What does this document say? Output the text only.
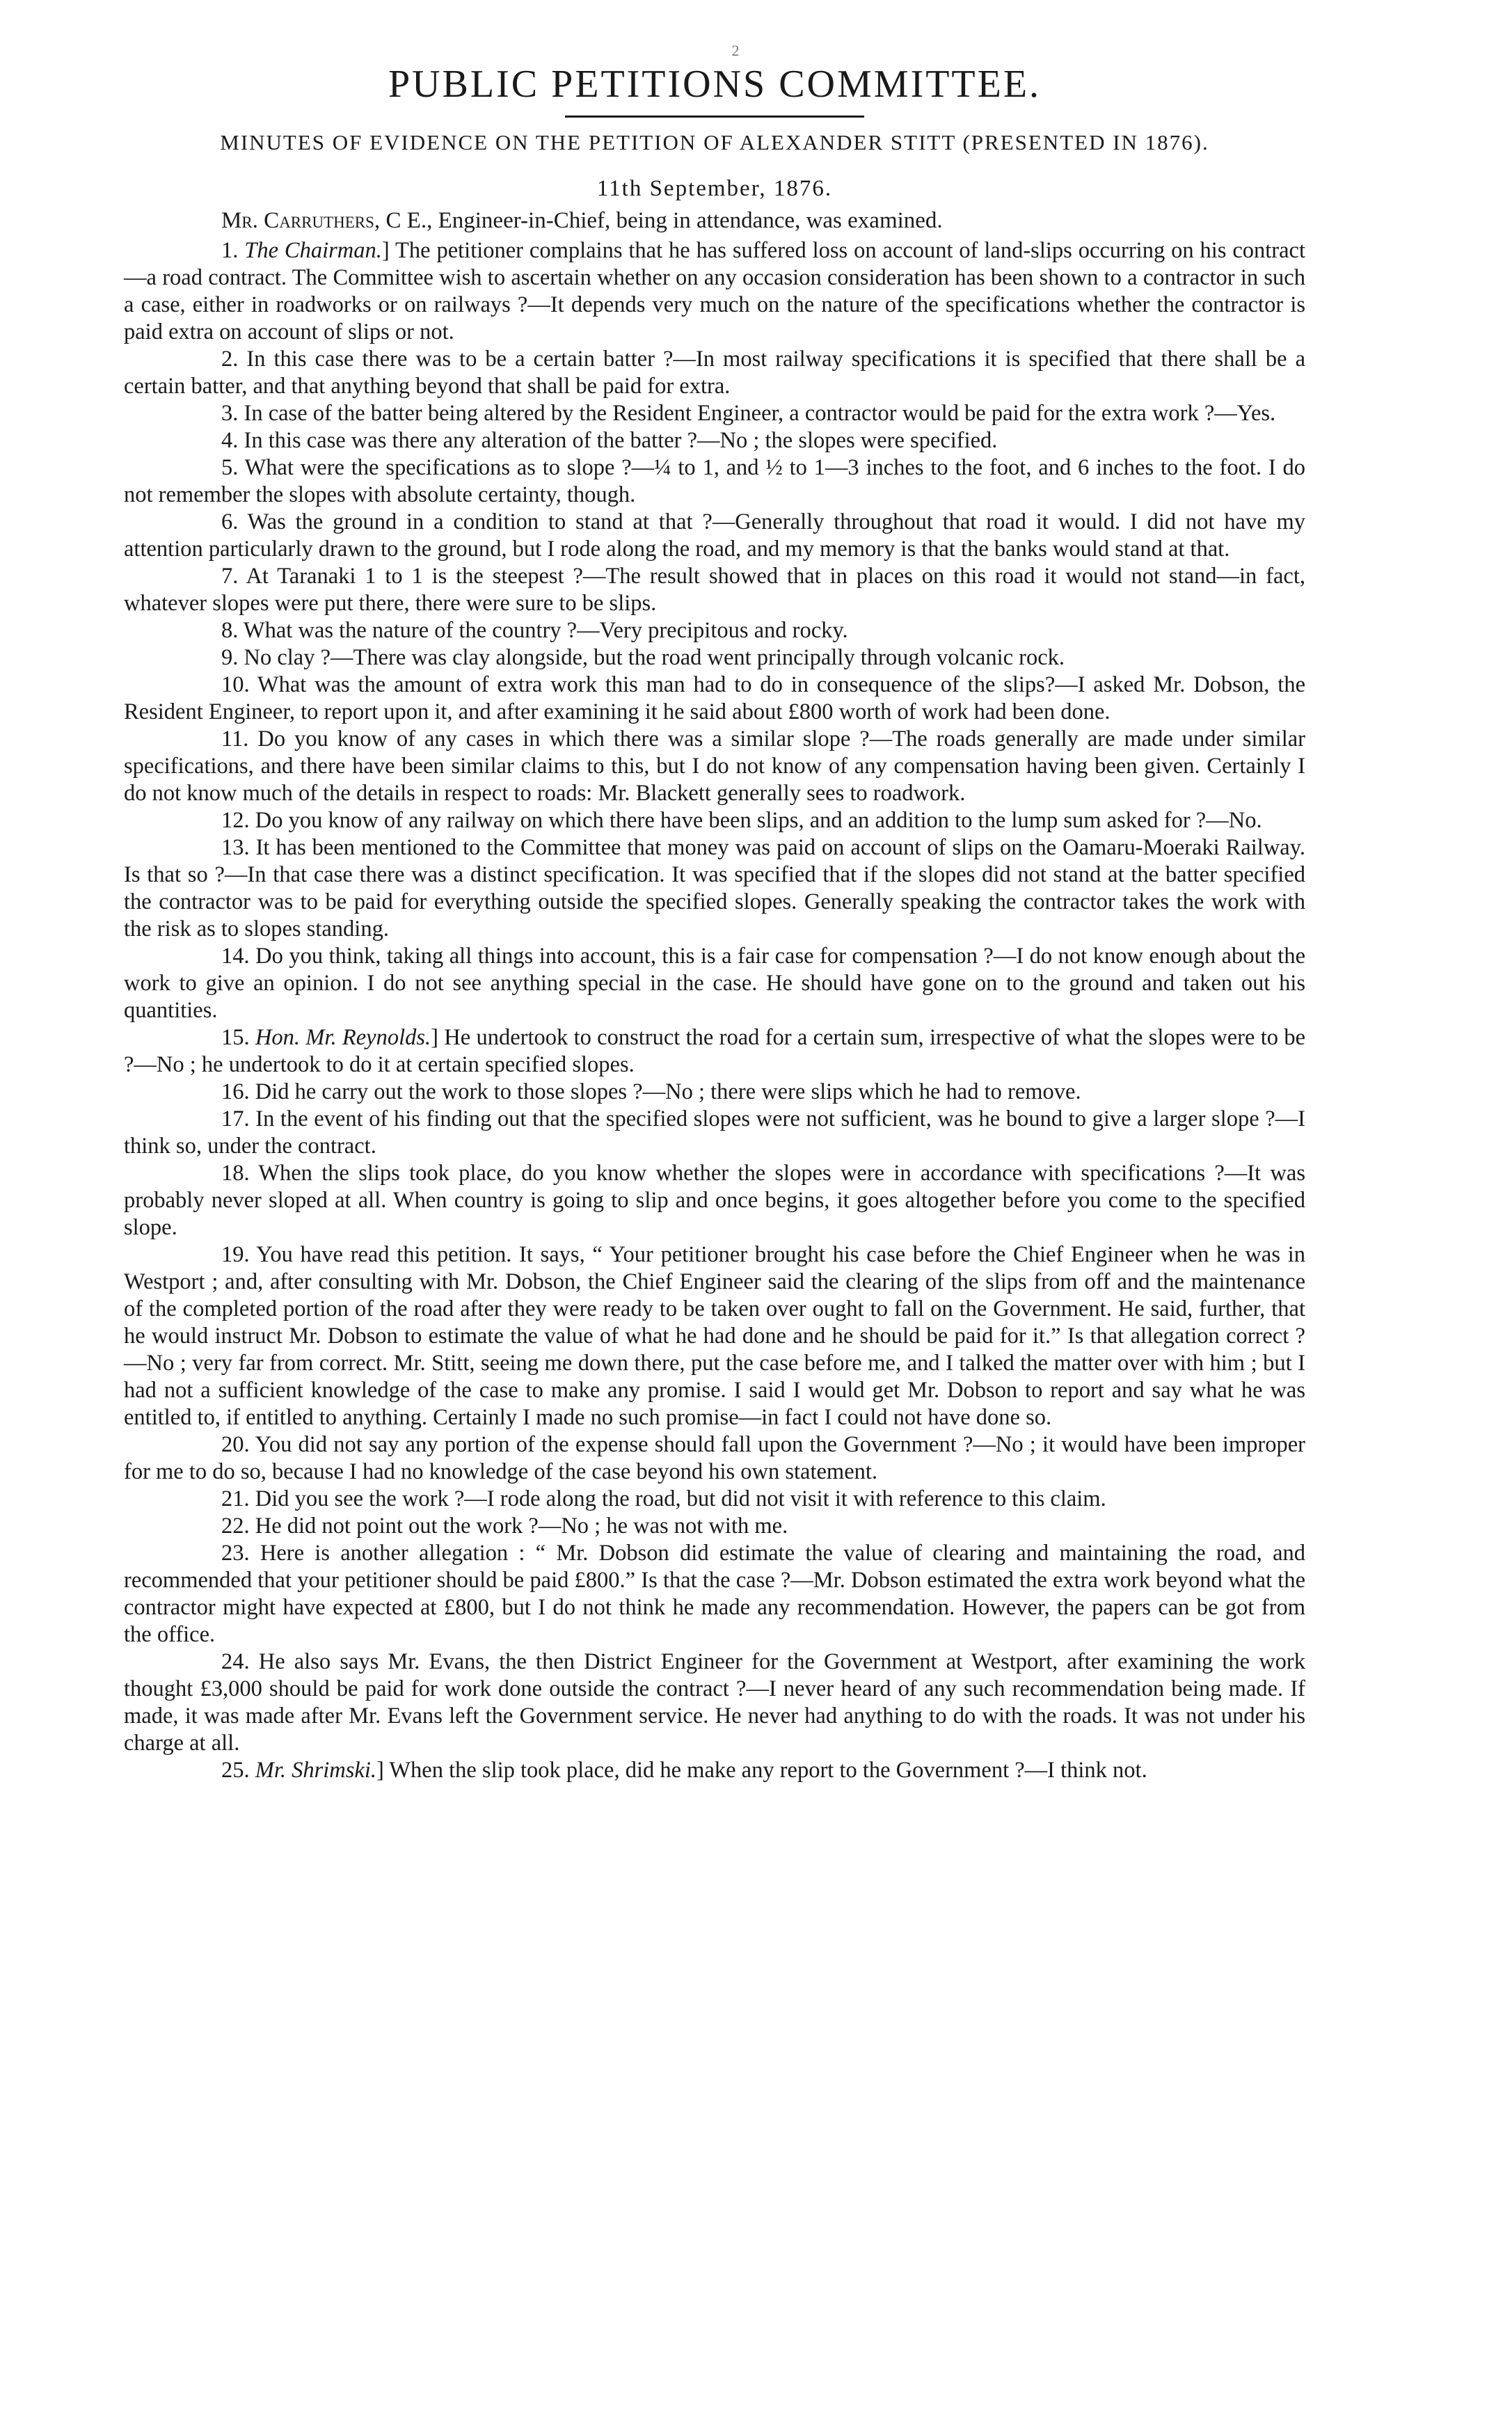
2
PUBLIC PETITIONS COMMITTEE.
MINUTES OF EVIDENCE ON THE PETITION OF ALEXANDER STITT (PRESENTED IN 1876).
11th September, 1876.
Mr. Carruthers, C E., Engineer-in-Chief, being in attendance, was examined.

1. The Chairman.] The petitioner complains that he has suffered loss on account of land-slips occurring on his contract—a road contract. The Committee wish to ascertain whether on any occasion consideration has been shown to a contractor in such a case, either in roadworks or on railways ?—It depends very much on the nature of the specifications whether the contractor is paid extra on account of slips or not.

2. In this case there was to be a certain batter ?—In most railway specifications it is specified that there shall be a certain batter, and that anything beyond that shall be paid for extra.

3. In case of the batter being altered by the Resident Engineer, a contractor would be paid for the extra work ?—Yes.

4. In this case was there any alteration of the batter ?—No ; the slopes were specified.

5. What were the specifications as to slope ?—¼ to 1, and ½ to 1—3 inches to the foot, and 6 inches to the foot. I do not remember the slopes with absolute certainty, though.

6. Was the ground in a condition to stand at that ?—Generally throughout that road it would. I did not have my attention particularly drawn to the ground, but I rode along the road, and my memory is that the banks would stand at that.

7. At Taranaki 1 to 1 is the steepest ?—The result showed that in places on this road it would not stand—in fact, whatever slopes were put there, there were sure to be slips.

8. What was the nature of the country ?—Very precipitous and rocky.

9. No clay ?—There was clay alongside, but the road went principally through volcanic rock.

10. What was the amount of extra work this man had to do in consequence of the slips?—I asked Mr. Dobson, the Resident Engineer, to report upon it, and after examining it he said about £800 worth of work had been done.

11. Do you know of any cases in which there was a similar slope ?—The roads generally are made under similar specifications, and there have been similar claims to this, but I do not know of any compensation having been given. Certainly I do not know much of the details in respect to roads: Mr. Blackett generally sees to roadwork.

12. Do you know of any railway on which there have been slips, and an addition to the lump sum asked for ?—No.

13. It has been mentioned to the Committee that money was paid on account of slips on the Oamaru-Moeraki Railway. Is that so ?—In that case there was a distinct specification. It was specified that if the slopes did not stand at the batter specified the contractor was to be paid for everything outside the specified slopes. Generally speaking the contractor takes the work with the risk as to slopes standing.

14. Do you think, taking all things into account, this is a fair case for compensation ?—I do not know enough about the work to give an opinion. I do not see anything special in the case. He should have gone on to the ground and taken out his quantities.

15. Hon. Mr. Reynolds.] He undertook to construct the road for a certain sum, irrespective of what the slopes were to be ?—No ; he undertook to do it at certain specified slopes.

16. Did he carry out the work to those slopes ?—No ; there were slips which he had to remove.

17. In the event of his finding out that the specified slopes were not sufficient, was he bound to give a larger slope ?—I think so, under the contract.

18. When the slips took place, do you know whether the slopes were in accordance with specifications ?—It was probably never sloped at all. When country is going to slip and once begins, it goes altogether before you come to the specified slope.

19. You have read this petition. It says, “ Your petitioner brought his case before the Chief Engineer when he was in Westport ; and, after consulting with Mr. Dobson, the Chief Engineer said the clearing of the slips from off and the maintenance of the completed portion of the road after they were ready to be taken over ought to fall on the Government. He said, further, that he would instruct Mr. Dobson to estimate the value of what he had done and he should be paid for it.” Is that allegation correct ?—No ; very far from correct. Mr. Stitt, seeing me down there, put the case before me, and I talked the matter over with him ; but I had not a sufficient knowledge of the case to make any promise. I said I would get Mr. Dobson to report and say what he was entitled to, if entitled to anything. Certainly I made no such promise—in fact I could not have done so.

20. You did not say any portion of the expense should fall upon the Government ?—No ; it would have been improper for me to do so, because I had no knowledge of the case beyond his own statement.

21. Did you see the work ?—I rode along the road, but did not visit it with reference to this claim.

22. He did not point out the work ?—No ; he was not with me.

23. Here is another allegation : “ Mr. Dobson did estimate the value of clearing and maintaining the road, and recommended that your petitioner should be paid £800.” Is that the case ?—Mr. Dobson estimated the extra work beyond what the contractor might have expected at £800, but I do not think he made any recommendation. However, the papers can be got from the office.

24. He also says Mr. Evans, the then District Engineer for the Government at Westport, after examining the work thought £3,000 should be paid for work done outside the contract ?—I never heard of any such recommendation being made. If made, it was made after Mr. Evans left the Government service. He never had anything to do with the roads. It was not under his charge at all.

25. Mr. Shrimski.] When the slip took place, did he make any report to the Government ?—I think not.
